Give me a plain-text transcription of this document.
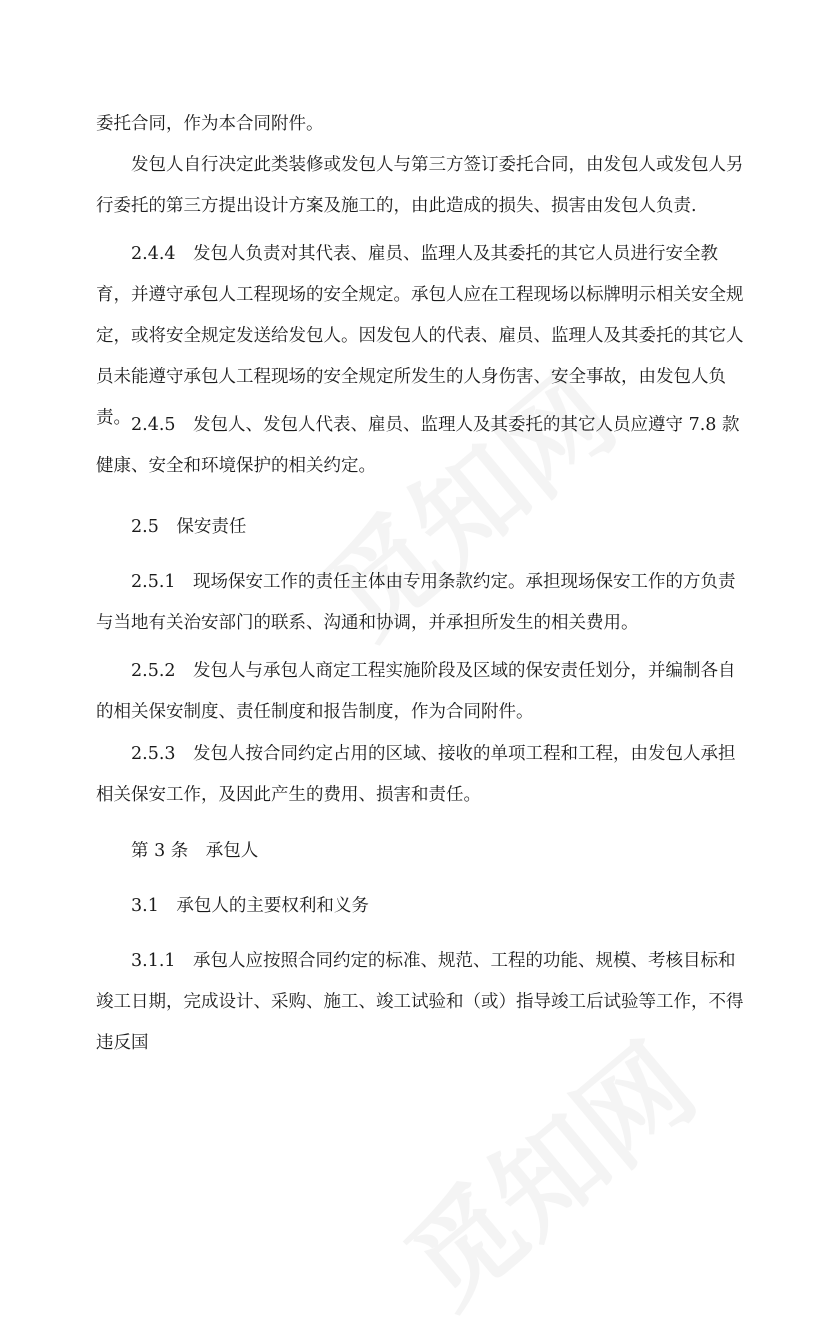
委托合同，作为本合同附件。

发包人自行决定此类装修或发包人与第三方签订委托合同，由发包人或发包人另行委托的第三方提出设计方案及施工的，由此造成的损失、损害由发包人负责.

2.4.4　发包人负责对其代表、雇员、监理人及其委托的其它人员进行安全教育，并遵守承包人工程现场的安全规定。承包人应在工程现场以标牌明示相关安全规定，或将安全规定发送给发包人。因发包人的代表、雇员、监理人及其委托的其它人员未能遵守承包人工程现场的安全规定所发生的人身伤害、安全事故，由发包人负责。 2.4.5　发包人、发包人代表、雇员、监理人及其委托的其它人员应遵守 7.8 款健康、安全和环境保护的相关约定。

2.5　保安责任

2.5.1　现场保安工作的责任主体由专用条款约定。承担现场保安工作的方负责与当地有关治安部门的联系、沟通和协调，并承担所发生的相关费用。

2.5.2　发包人与承包人商定工程实施阶段及区域的保安责任划分，并编制各自的相关保安制度、责任制度和报告制度，作为合同附件。

2.5.3　发包人按合同约定占用的区域、接收的单项工程和工程，由发包人承担相关保安工作，及因此产生的费用、损害和责任。

第 3 条　承包人

3.1　承包人的主要权利和义务

3.1.1　承包人应按照合同约定的标准、规范、工程的功能、规模、考核目标和竣工日期，完成设计、采购、施工、竣工试验和（或）指导竣工后试验等工作，不得违反国
